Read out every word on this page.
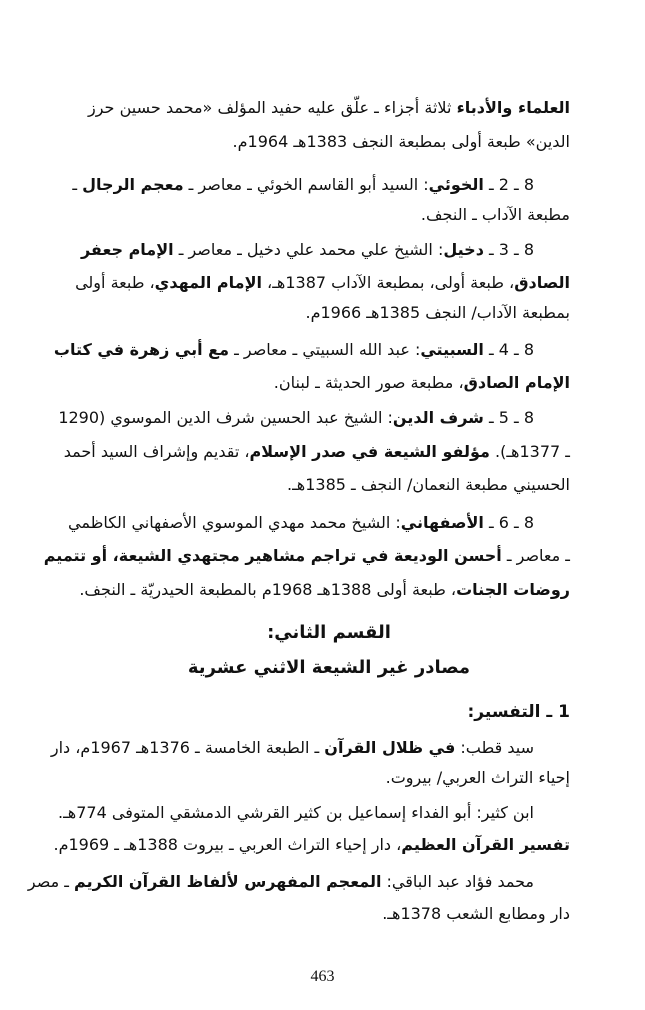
العلماء والأدباء ثلاثة أجزاء ـ علّق عليه حفيد المؤلف «محمد حسين حرز
الدين» طبعة أولى بمطبعة النجف 1383هـ 1964م.
8 ـ 2 ـ الخوئي: السيد أبو القاسم الخوئي ـ معاصر ـ معجم الرجال ـ
مطبعة الآداب ـ النجف.
8 ـ 3 ـ دخيل: الشيخ علي محمد علي دخيل ـ معاصر ـ الإمام جعفر
الصادق، طبعة أولى، بمطبعة الآداب 1387هـ، الإمام المهدي، طبعة أولى
بمطبعة الآداب/ النجف 1385هـ 1966م.
8 ـ 4 ـ السبيتي: عبد الله السبيتي ـ معاصر ـ مع أبي زهرة في كتاب
الإمام الصادق، مطبعة صور الحديثة ـ لبنان.
8 ـ 5 ـ شرف الدين: الشيخ عبد الحسين شرف الدين الموسوي (1290
ـ 1377هـ). مؤلفو الشيعة في صدر الإسلام، تقديم وإشراف السيد أحمد
الحسيني مطبعة النعمان/ النجف ـ 1385هـ.
8 ـ 6 ـ الأصفهاني: الشيخ محمد مهدي الموسوي الأصفهاني الكاظمي
ـ معاصر ـ أحسن الوديعة في تراجم مشاهير مجتهدي الشيعة، أو تتميم
روضات الجنات، طبعة أولى 1388هـ 1968م بالمطبعة الحيدريّة ـ النجف.
القسم الثاني:
مصادر غير الشيعة الاثني عشرية
1 ـ التفسير:
سيد قطب: في ظلال القرآن ـ الطبعة الخامسة ـ 1376هـ 1967م، دار
إحياء التراث العربي/ بيروت.
ابن كثير: أبو الفداء إسماعيل بن كثير القرشي الدمشقي المتوفى 774هـ.
تفسير القرآن العظيم، دار إحياء التراث العربي ـ بيروت 1388هـ ـ 1969م.
محمد فؤاد عبد الباقي: المعجم المفهرس لألفاظ القرآن الكريم ـ مصر
دار ومطابع الشعب 1378هـ.
463
